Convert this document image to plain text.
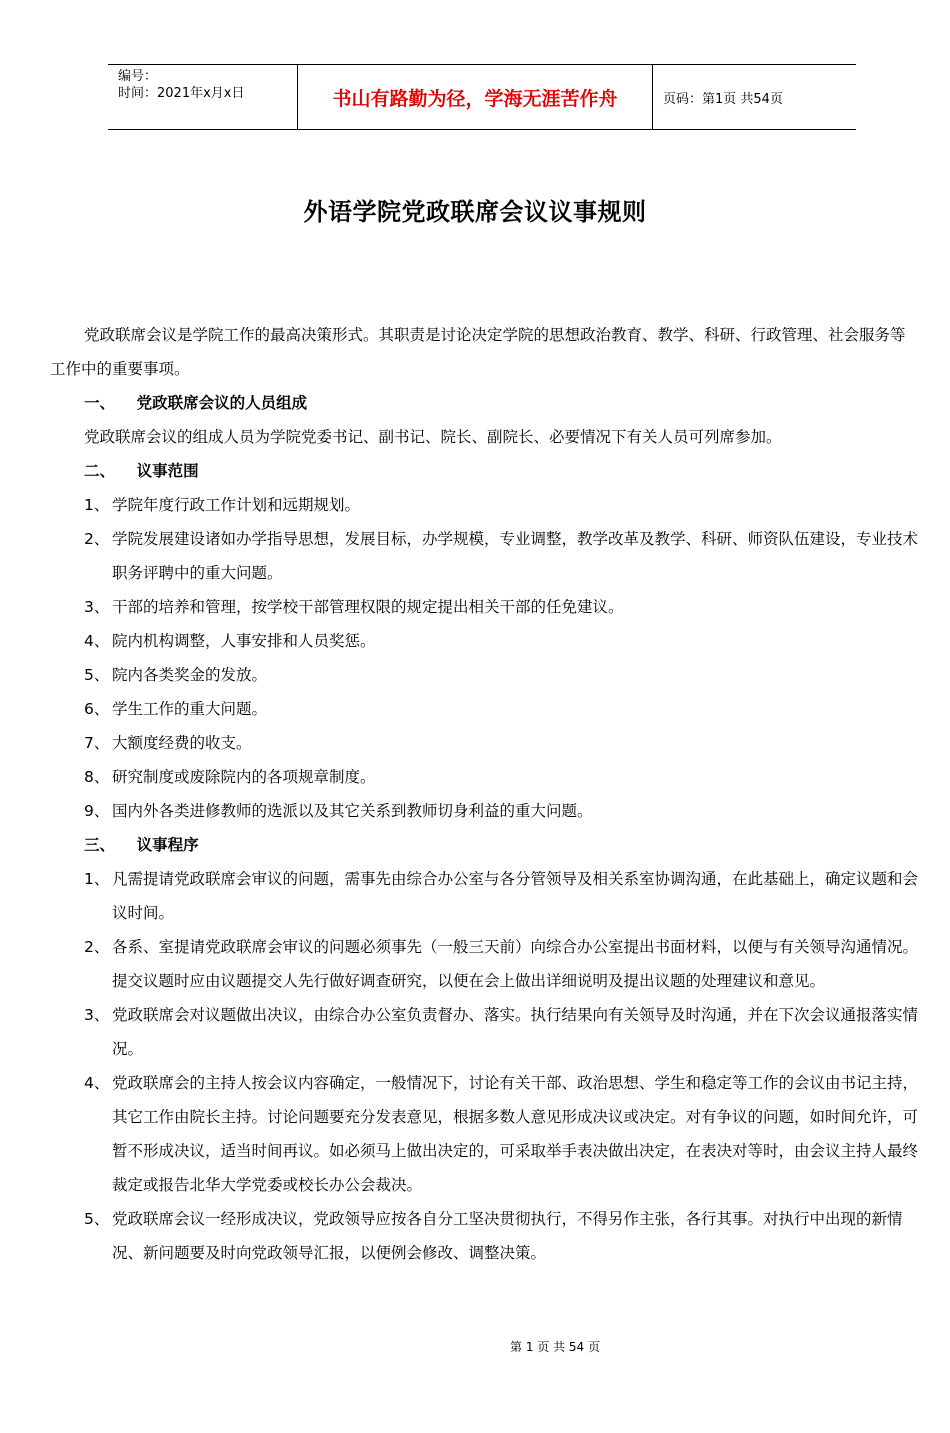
编号：
时间：2021年x月x日	书山有路勤为径，学海无涯苦作舟	页码：第1页 共54页
外语学院党政联席会议议事规则

党政联席会议是学院工作的最高决策形式。其职责是讨论决定学院的思想政治教育、教学、科研、行政管理、社会服务等工作中的重要事项。

一、    党政联席会议的人员组成

党政联席会议的组成人员为学院党委书记、副书记、院长、副院长、必要情况下有关人员可列席参加。

二、    议事范围

1、 学院年度行政工作计划和远期规划。
2、 学院发展建设诸如办学指导思想，发展目标，办学规模，专业调整，教学改革及教学、科研、师资队伍建设，专业技术职务评聘中的重大问题。
3、 干部的培养和管理，按学校干部管理权限的规定提出相关干部的任免建议。
4、 院内机构调整，人事安排和人员奖惩。
5、 院内各类奖金的发放。
6、 学生工作的重大问题。
7、 大额度经费的收支。
8、 研究制度或废除院内的各项规章制度。
9、 国内外各类进修教师的选派以及其它关系到教师切身利益的重大问题。

三、    议事程序

1、 凡需提请党政联席会审议的问题，需事先由综合办公室与各分管领导及相关系室协调沟通，在此基础上，确定议题和会议时间。
2、 各系、室提请党政联席会审议的问题必须事先（一般三天前）向综合办公室提出书面材料，以便与有关领导沟通情况。提交议题时应由议题提交人先行做好调查研究，以便在会上做出详细说明及提出议题的处理建议和意见。
3、 党政联席会对议题做出决议，由综合办公室负责督办、落实。执行结果向有关领导及时沟通，并在下次会议通报落实情况。
4、 党政联席会的主持人按会议内容确定，一般情况下，讨论有关干部、政治思想、学生和稳定等工作的会议由书记主持，其它工作由院长主持。讨论问题要充分发表意见，根据多数人意见形成决议或决定。对有争议的问题，如时间允许，可暂不形成决议，适当时间再议。如必须马上做出决定的，可采取举手表决做出决定，在表决对等时，由会议主持人最终裁定或报告北华大学党委或校长办公会裁决。
5、 党政联席会议一经形成决议，党政领导应按各自分工坚决贯彻执行，不得另作主张，各行其事。对执行中出现的新情况、新问题要及时向党政领导汇报，以便例会修改、调整决策。
第 1 页 共 54 页
